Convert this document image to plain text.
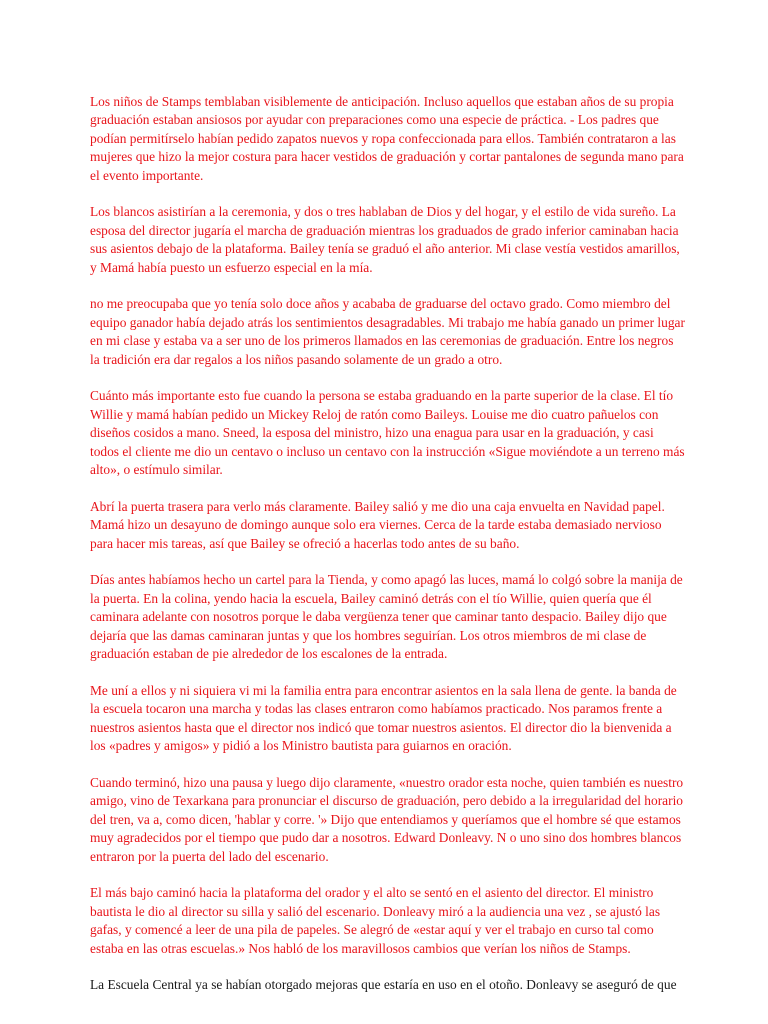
Los niños de Stamps temblaban visiblemente de anticipación. Incluso aquellos que estaban años de su propia graduación estaban ansiosos por ayudar con preparaciones como una especie de práctica. - Los padres que podían permitírselo habían pedido zapatos nuevos y ropa confeccionada para ellos. También contrataron a las mujeres que hizo la mejor costura para hacer vestidos de graduación y cortar pantalones de segunda mano para el evento importante.

Los blancos asistirían a la ceremonia, y dos o tres hablaban de Dios y del hogar, y el estilo de vida sureño. La esposa del director jugaría el marcha de graduación mientras los graduados de grado inferior caminaban hacia sus asientos debajo de la plataforma. Bailey tenía se graduó el año anterior. Mi clase vestía vestidos amarillos, y Mamá había puesto un esfuerzo especial en la mía.

no me preocupaba que yo tenía solo doce años y acababa de graduarse del octavo grado. Como miembro del equipo ganador había dejado atrás los sentimientos desagradables. Mi trabajo me había ganado un primer lugar en mi clase y estaba va a ser uno de los primeros llamados en las ceremonias de graduación. Entre los negros la tradición era dar regalos a los niños pasando solamente de un grado a otro.

Cuánto más importante esto fue cuando la persona se estaba graduando en la parte superior de la clase. El tío Willie y mamá habían pedido un Mickey Reloj de ratón como Baileys. Louise me dio cuatro pañuelos con diseños cosidos a mano. Sneed, la esposa del ministro, hizo una enagua para usar en la graduación, y casi todos el cliente me dio un centavo o incluso un centavo con la instrucción «Sigue moviéndote a un terreno más alto», o estímulo similar.

Abrí la puerta trasera para verlo más claramente. Bailey salió y me dio una caja envuelta en Navidad papel. Mamá hizo un desayuno de domingo aunque solo era viernes. Cerca de la tarde estaba demasiado nervioso para hacer mis tareas, así que Bailey se ofreció a hacerlas todo antes de su baño.

Días antes habíamos hecho un cartel para la Tienda, y como apagó las luces, mamá lo colgó sobre la manija de la puerta. En la colina, yendo hacia la escuela, Bailey caminó detrás con el tío Willie, quien quería que él caminara adelante con nosotros porque le daba vergüenza tener que caminar tanto despacio. Bailey dijo que dejaría que las damas caminaran juntas y que los hombres seguirían. Los otros miembros de mi clase de graduación estaban de pie alrededor de los escalones de la entrada.

Me uní a ellos y ni siquiera vi mi la familia entra para encontrar asientos en la sala llena de gente. la banda de la escuela tocaron una marcha y todas las clases entraron como habíamos practicado. Nos paramos frente a nuestros asientos hasta que el director nos indicó que tomar nuestros asientos. El director dio la bienvenida a los «padres y amigos» y pidió a los Ministro bautista para guiarnos en oración.

Cuando terminó, hizo una pausa y luego dijo claramente, «nuestro orador esta noche, quien también es nuestro amigo, vino de Texarkana para pronunciar el discurso de graduación, pero debido a la irregularidad del horario del tren, va a, como dicen, 'hablar y corre. '» Dijo que entendiamos y queríamos que el hombre sé que estamos muy agradecidos por el tiempo que pudo dar a nosotros. Edward Donleavy. N o uno sino dos hombres blancos entraron por la puerta del lado del escenario.

El más bajo caminó hacia la plataforma del orador y el alto se sentó en el asiento del director. El ministro bautista le dio al director su silla y salió del escenario. Donleavy miró a la audiencia una vez , se ajustó las gafas, y comencé a leer de una pila de papeles. Se alegró de «estar aquí y ver el trabajo en curso tal como estaba en las otras escuelas.» Nos habló de los maravillosos cambios que verían los niños de Stamps.

La Escuela Central ya se habían otorgado mejoras que estaría en uso en el otoño. Donleavy se aseguró de que
